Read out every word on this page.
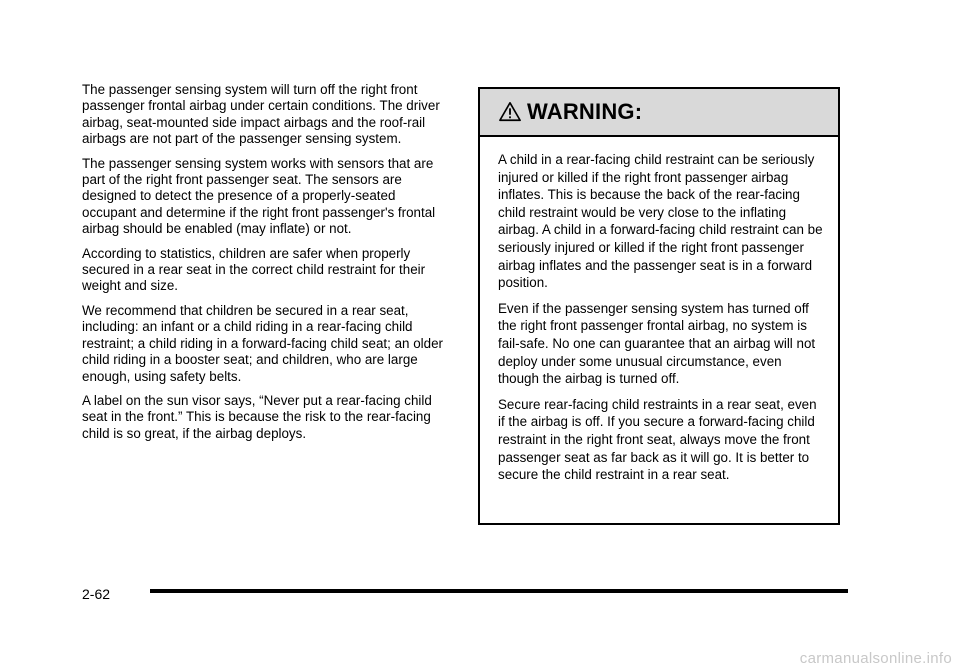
The passenger sensing system will turn off the right front passenger frontal airbag under certain conditions. The driver airbag, seat-mounted side impact airbags and the roof-rail airbags are not part of the passenger sensing system.

The passenger sensing system works with sensors that are part of the right front passenger seat. The sensors are designed to detect the presence of a properly-seated occupant and determine if the right front passenger's frontal airbag should be enabled (may inflate) or not.

According to statistics, children are safer when properly secured in a rear seat in the correct child restraint for their weight and size.

We recommend that children be secured in a rear seat, including: an infant or a child riding in a rear-facing child restraint; a child riding in a forward-facing child seat; an older child riding in a booster seat; and children, who are large enough, using safety belts.

A label on the sun visor says, “Never put a rear-facing child seat in the front.” This is because the risk to the rear-facing child is so great, if the airbag deploys.

WARNING:

A child in a rear-facing child restraint can be seriously injured or killed if the right front passenger airbag inflates. This is because the back of the rear-facing child restraint would be very close to the inflating airbag. A child in a forward-facing child restraint can be seriously injured or killed if the right front passenger airbag inflates and the passenger seat is in a forward position.

Even if the passenger sensing system has turned off the right front passenger frontal airbag, no system is fail-safe. No one can guarantee that an airbag will not deploy under some unusual circumstance, even though the airbag is turned off.

Secure rear-facing child restraints in a rear seat, even if the airbag is off. If you secure a forward-facing child restraint in the right front seat, always move the front passenger seat as far back as it will go. It is better to secure the child restraint in a rear seat.

2-62
carmanualsonline.info
